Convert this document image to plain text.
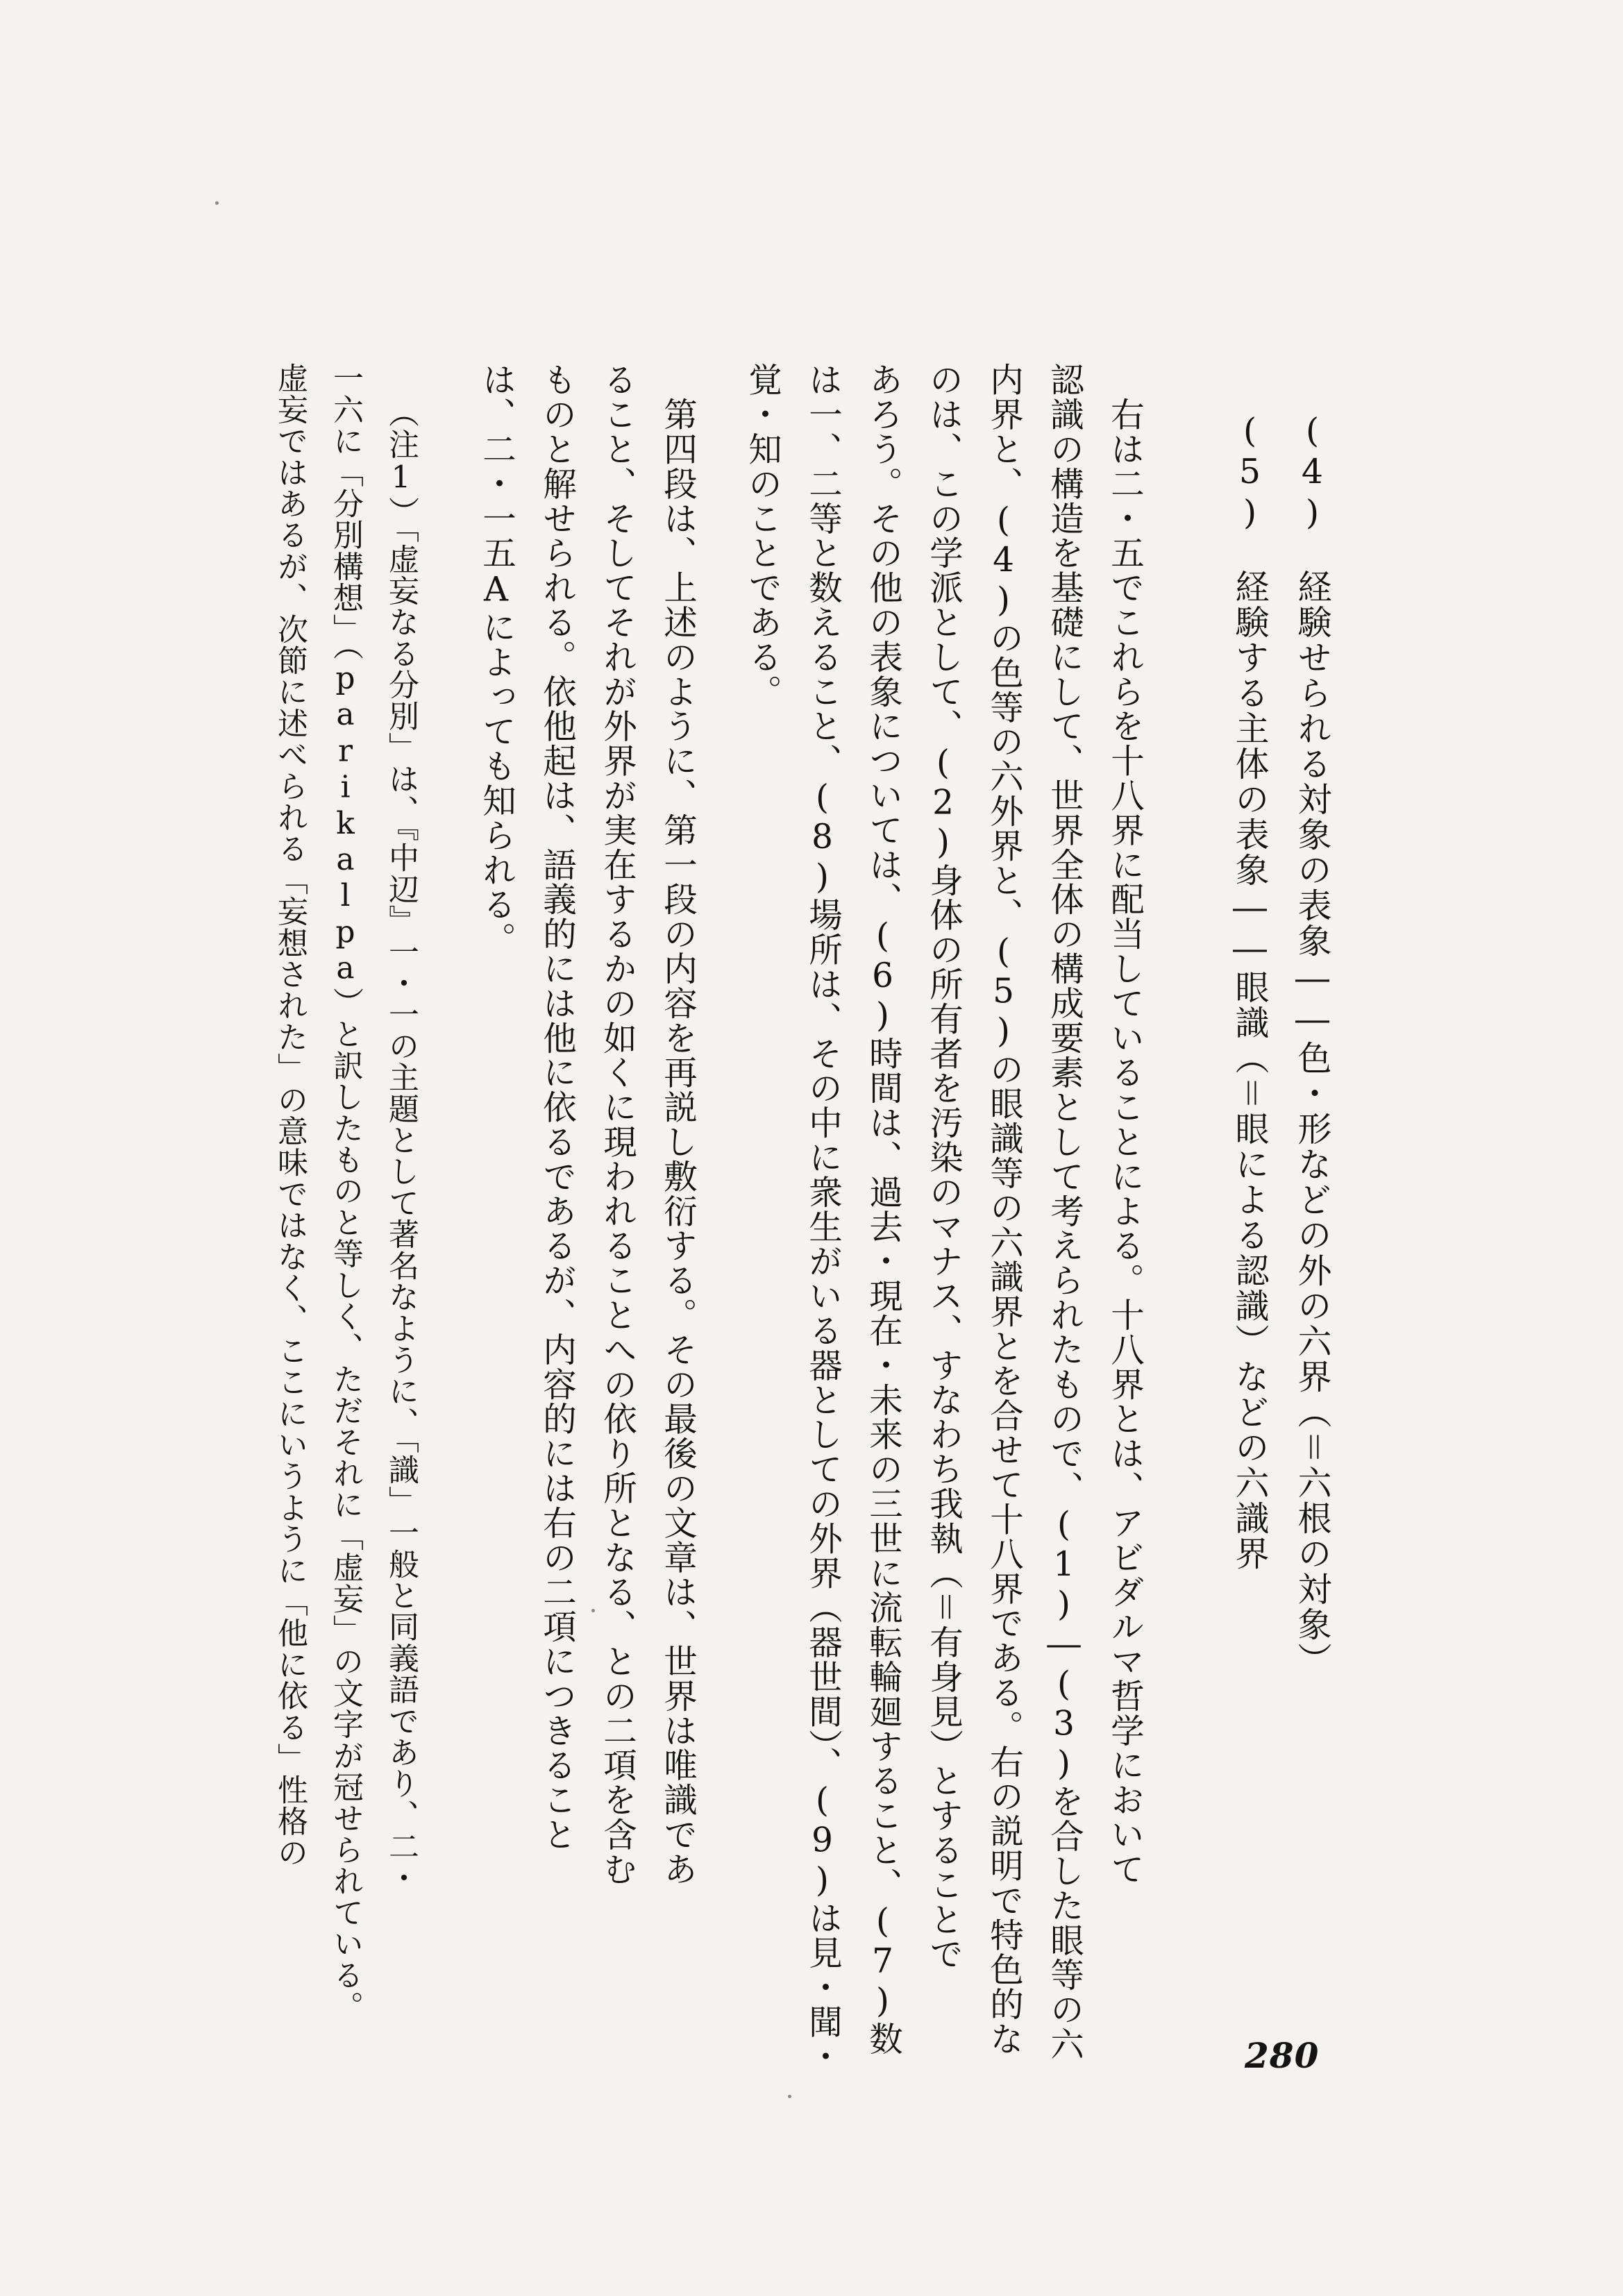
(4)　経験せられる対象の表象――色・形などの外の六界（＝六根の対象）
(5)　経験する主体の表象――眼識（＝眼による認識）などの六識界
　右は二・五でこれらを十八界に配当していることによる。十八界とは、アビダルマ哲学において
認識の構造を基礎にして、世界全体の構成要素として考えられたもので、(1)―(3)を合した眼等の六
内界と、(4)の色等の六外界と、(5)の眼識等の六識界とを合せて十八界である。右の説明で特色的な
のは、この学派として、(2)身体の所有者を汚染のマナス、すなわち我執（＝有身見）とすることで
あろう。その他の表象については、(6)時間は、過去・現在・未来の三世に流転輪廻すること、(7)数
は一、二等と数えること、(8)場所は、その中に衆生がいる器としての外界（器世間）、(9)は見・聞・
覚・知のことである。
　第四段は、上述のように、第一段の内容を再説し敷衍する。その最後の文章は、世界は唯識であ
ること、そしてそれが外界が実在するかの如くに現われることへの依り所となる、との二項を含む
ものと解せられる。依他起は、語義的には他に依るであるが、内容的には右の二項につきること
は、二・一五Aによっても知られる。
（注1）「虚妄なる分別」は、『中辺』一・一の主題として著名なように、「識」一般と同義語であり、二・
一六に「分別構想」（parikalpa）と訳したものと等しく、ただそれに「虚妄」の文字が冠せられている。
虚妄ではあるが、次節に述べられる「妄想された」の意味ではなく、ここにいうように「他に依る」性格の
280
